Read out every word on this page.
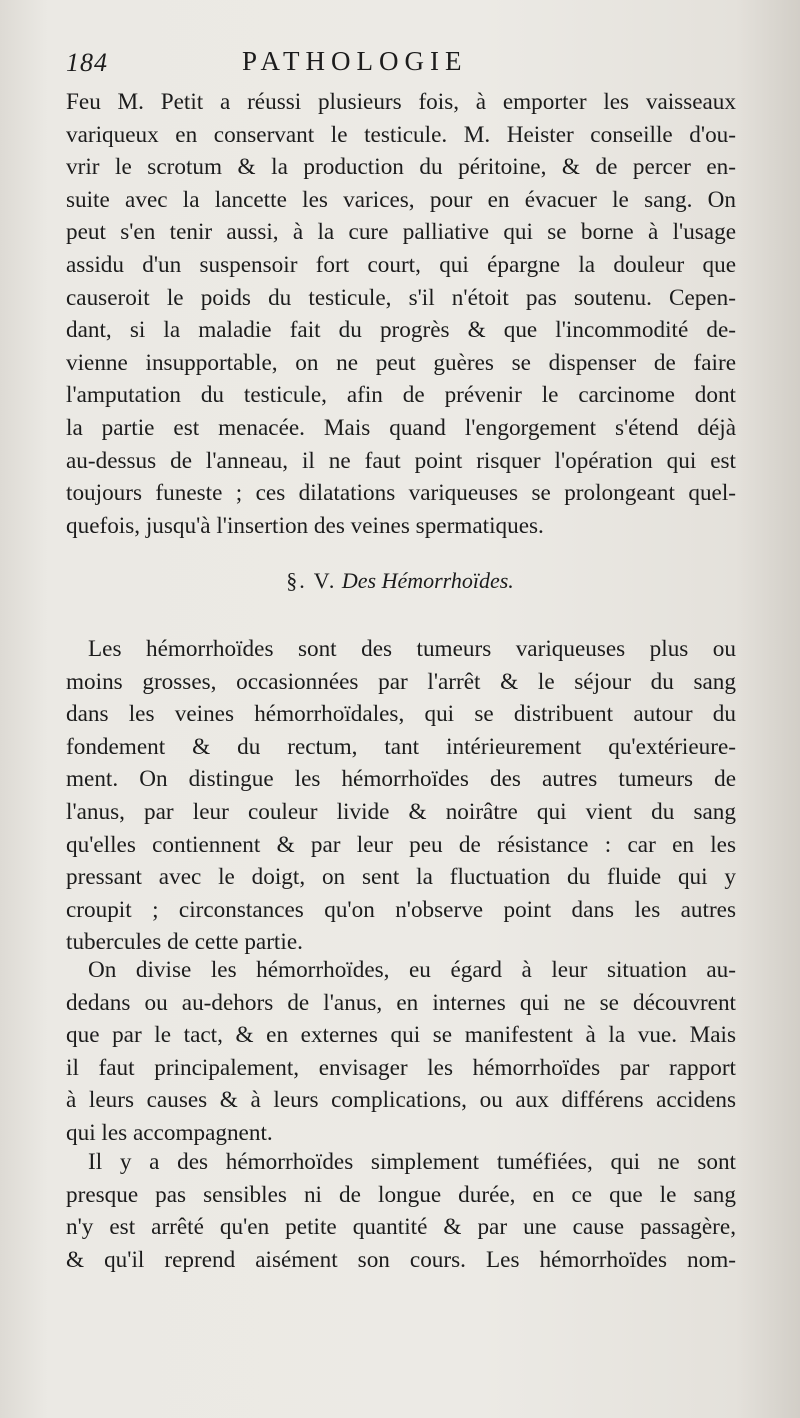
184	PATHOLOGIE
Feu M. Petit a réussi plusieurs fois, à emporter les vaisseaux
variqueux en conservant le testicule. M. Heister conseille d'ou-
vrir le scrotum & la production du péritoine, & de percer en-
suite avec la lancette les varices, pour en évacuer le sang. On
peut s'en tenir aussi, à la cure palliative qui se borne à l'usage
assidu d'un suspensoir fort court, qui épargne la douleur que
causeroit le poids du testicule, s'il n'étoit pas soutenu. Cepen-
dant, si la maladie fait du progrès & que l'incommodité de-
vienne insupportable, on ne peut guères se dispenser de faire
l'amputation du testicule, afin de prévenir le carcinome dont
la partie est menacée. Mais quand l'engorgement s'étend déjà
au-dessus de l'anneau, il ne faut point risquer l'opération qui est
toujours funeste ; ces dilatations variqueuses se prolongeant quel-
quefois, jusqu'à l'insertion des veines spermatiques.
§. V. Des Hémorrhoïdes.
Les hémorrhoïdes sont des tumeurs variqueuses plus ou
moins grosses, occasionnées par l'arrêt & le séjour du sang
dans les veines hémorrhoïdales, qui se distribuent autour du
fondement & du rectum, tant intérieurement qu'extérieure-
ment. On distingue les hémorrhoïdes des autres tumeurs de
l'anus, par leur couleur livide & noirâtre qui vient du sang
qu'elles contiennent & par leur peu de résistance : car en les
pressant avec le doigt, on sent la fluctuation du fluide qui y
croupit ; circonstances qu'on n'observe point dans les autres
tubercules de cette partie.
On divise les hémorrhoïdes, eu égard à leur situation au-
dedans ou au-dehors de l'anus, en internes qui ne se découvrent
que par le tact, & en externes qui se manifestent à la vue. Mais
il faut principalement, envisager les hémorrhoïdes par rapport
à leurs causes & à leurs complications, ou aux différens accidens
qui les accompagnent.
Il y a des hémorrhoïdes simplement tuméfiées, qui ne sont
presque pas sensibles ni de longue durée, en ce que le sang
n'y est arrêté qu'en petite quantité & par une cause passagère,
& qu'il reprend aisément son cours. Les hémorrhoïdes nom-
